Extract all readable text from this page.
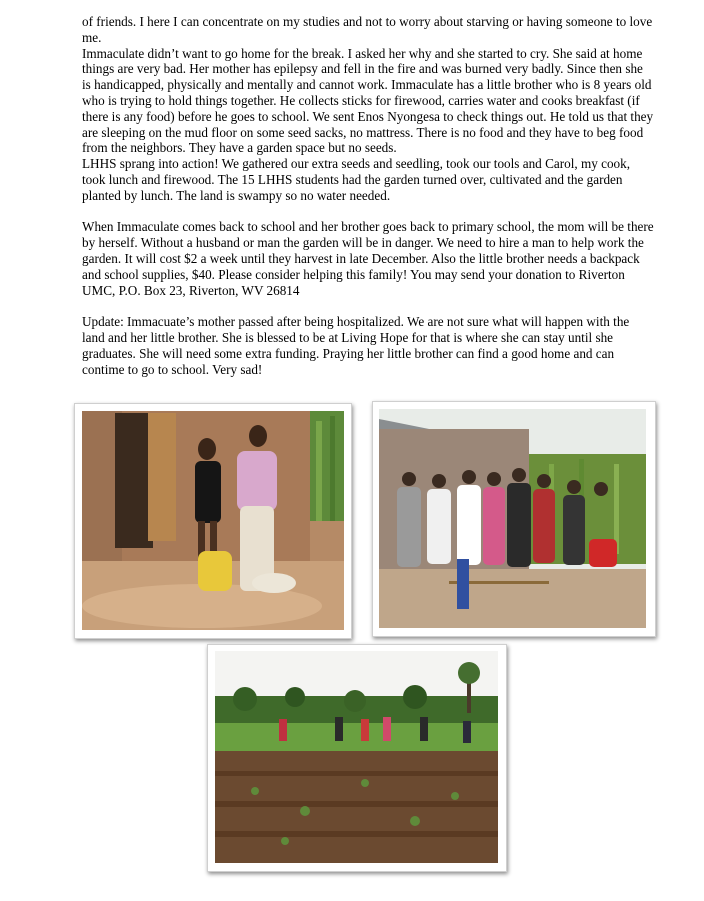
of friends. I here I can concentrate on my studies and not to worry about starving or having someone to love me.

Immaculate didn’t want to go home for the break. I asked her why and she started to cry. She said at home things are very bad. Her mother has epilepsy and fell in the fire and was burned very badly. Since then she is handicapped, physically and mentally and cannot work. Immaculate has a little brother who is 8 years old who is trying to hold things together. He collects sticks for firewood, carries water and cooks breakfast (if there is any food) before he goes to school. We sent Enos Nyongesa to check things out. He told us that they are sleeping on the mud floor on some seed sacks, no mattress. There is no food and they have to beg food from the neighbors. They have a garden space but no seeds.

LHHS sprang into action! We gathered our extra seeds and seedling, took our tools and Carol, my cook, took lunch and firewood. The 15 LHHS students had the garden turned over, cultivated and the garden planted by lunch. The land is swampy so no water needed.

When Immaculate comes back to school and her brother goes back to primary school, the mom will be there by herself. Without a husband or man the garden will be in danger. We need to hire a man to help work the garden. It will cost $2 a week until they harvest in late December. Also the little brother needs a backpack and school supplies, $40. Please consider helping this family! You may send your donation to Riverton UMC, P.O. Box 23, Riverton, WV 26814

Update: Immacuate’s mother passed after being hospitalized. We are not sure what will happen with the land and her little brother. She is blessed to be at Living Hope for that is where she can stay until she graduates. She will need some extra funding. Praying her little brother can find a good home and can contime to go to school. Very sad!
